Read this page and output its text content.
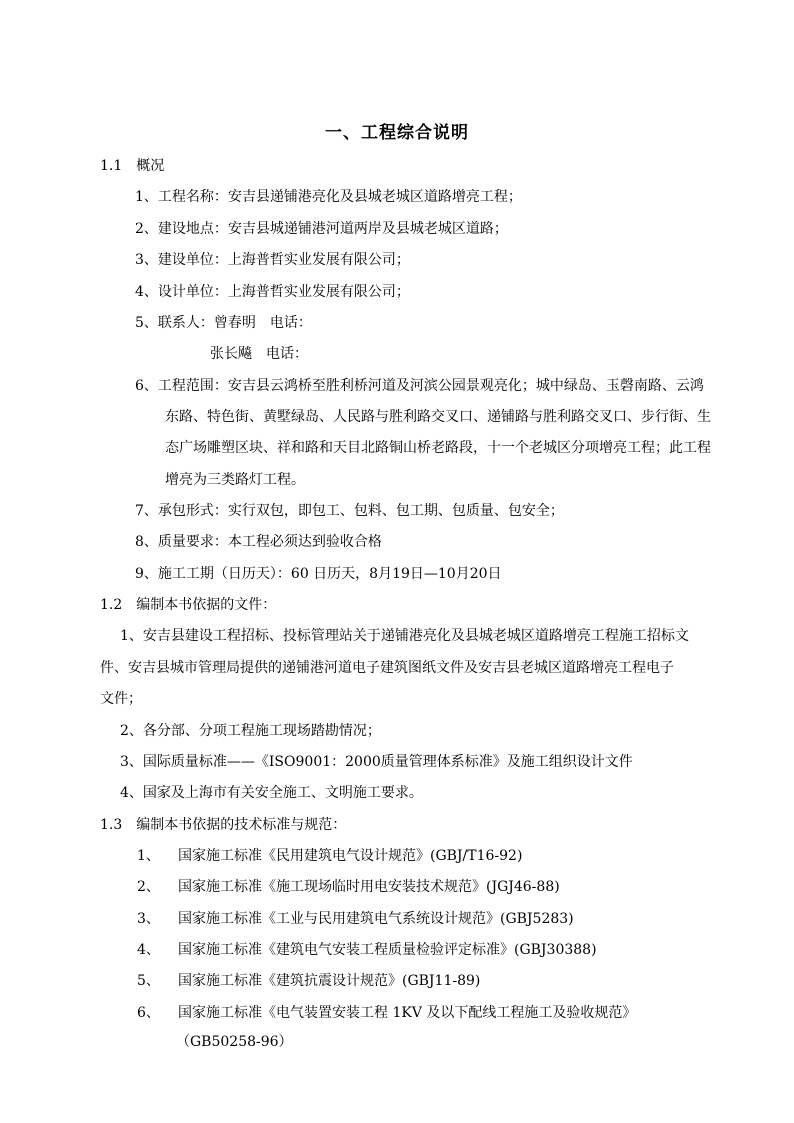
一、工程综合说明
1.1　概况
1、工程名称：安吉县递铺港亮化及县城老城区道路增亮工程；
2、建设地点：安吉县城递铺港河道两岸及县城老城区道路；
3、建设单位：上海普哲实业发展有限公司；
4、设计单位：上海普哲实业发展有限公司；
5、联系人：曾春明　电话：
张长飚　电话：
6、工程范围：安吉县云鸿桥至胜利桥河道及河滨公园景观亮化；城中绿岛、玉磬南路、云鸿
东路、特色街、黄墅绿岛、人民路与胜利路交叉口、递铺路与胜利路交叉口、步行街、生
态广场雕塑区块、祥和路和天目北路铜山桥老路段，十一个老城区分项增亮工程；此工程
增亮为三类路灯工程。
7、承包形式：实行双包，即包工、包料、包工期、包质量、包安全；
8、质量要求：本工程必须达到验收合格
9、施工工期（日历天）：60 日历天，8月19日—10月20日
1.2　编制本书依据的文件：
1、安吉县建设工程招标、投标管理站关于递铺港亮化及县城老城区道路增亮工程施工招标文
件、安吉县城市管理局提供的递铺港河道电子建筑图纸文件及安吉县老城区道路增亮工程电子
文件；
2、各分部、分项工程施工现场踏勘情况；
3、国际质量标准——《ISO9001：2000质量管理体系标准》及施工组织设计文件
4、国家及上海市有关安全施工、文明施工要求。
1.3　编制本书依据的技术标准与规范：
1、 国家施工标准《民用建筑电气设计规范》(GBJ/T16-92)
2、 国家施工标准《施工现场临时用电安装技术规范》(JGJ46-88)
3、 国家施工标准《工业与民用建筑电气系统设计规范》(GBJ5283)
4、 国家施工标准《建筑电气安装工程质量检验评定标准》(GBJ30388)
5、 国家施工标准《建筑抗震设计规范》(GBJ11-89)
6、 国家施工标准《电气装置安装工程 1KV 及以下配线工程施工及验收规范》
（GB50258-96）
